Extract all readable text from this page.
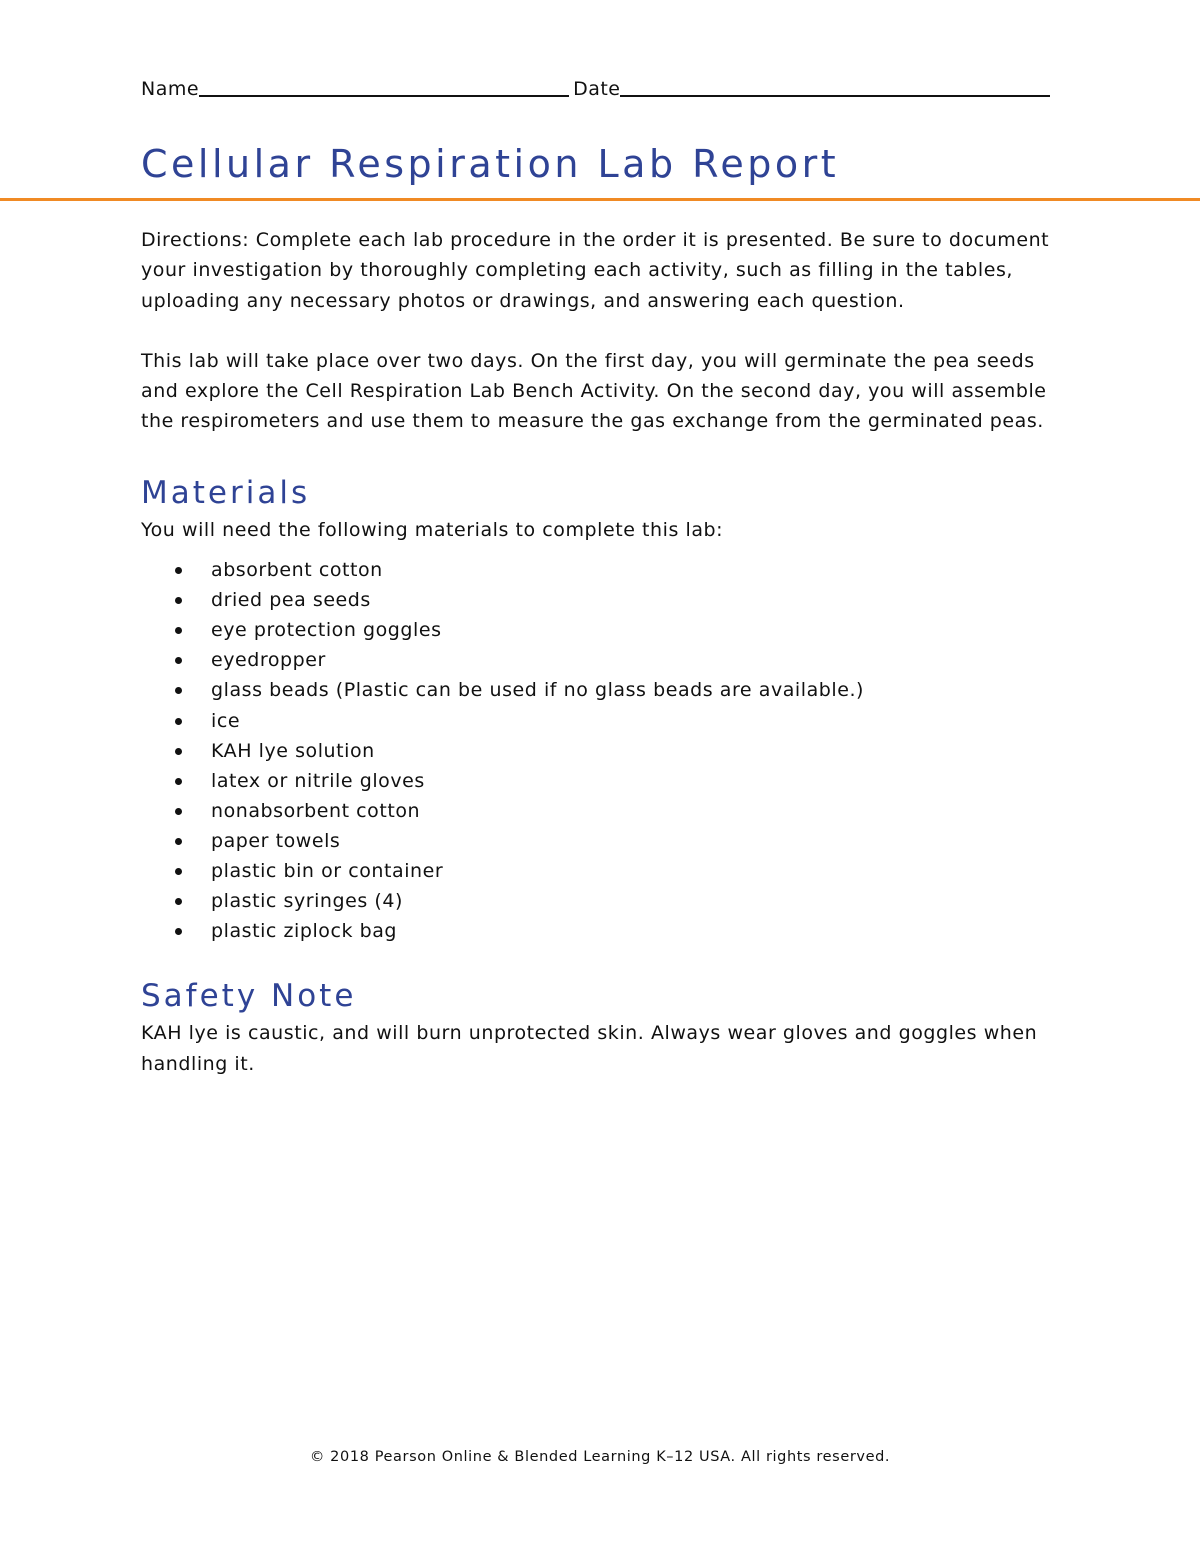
Name	Date
Cellular Respiration Lab Report

Directions: Complete each lab procedure in the order it is presented. Be sure to document your investigation by thoroughly completing each activity, such as filling in the tables, uploading any necessary photos or drawings, and answering each question.

This lab will take place over two days. On the first day, you will germinate the pea seeds and explore the Cell Respiration Lab Bench Activity. On the second day, you will assemble the respirometers and use them to measure the gas exchange from the germinated peas.

Materials

You will need the following materials to complete this lab:

absorbent cotton
dried pea seeds
eye protection goggles
eyedropper
glass beads (Plastic can be used if no glass beads are available.)
ice
KAH lye solution
latex or nitrile gloves
nonabsorbent cotton
paper towels
plastic bin or container
plastic syringes (4)
plastic ziplock bag
Safety Note

KAH lye is caustic, and will burn unprotected skin. Always wear gloves and goggles when handling it.

© 2018 Pearson Online & Blended Learning K–12 USA. All rights reserved.
